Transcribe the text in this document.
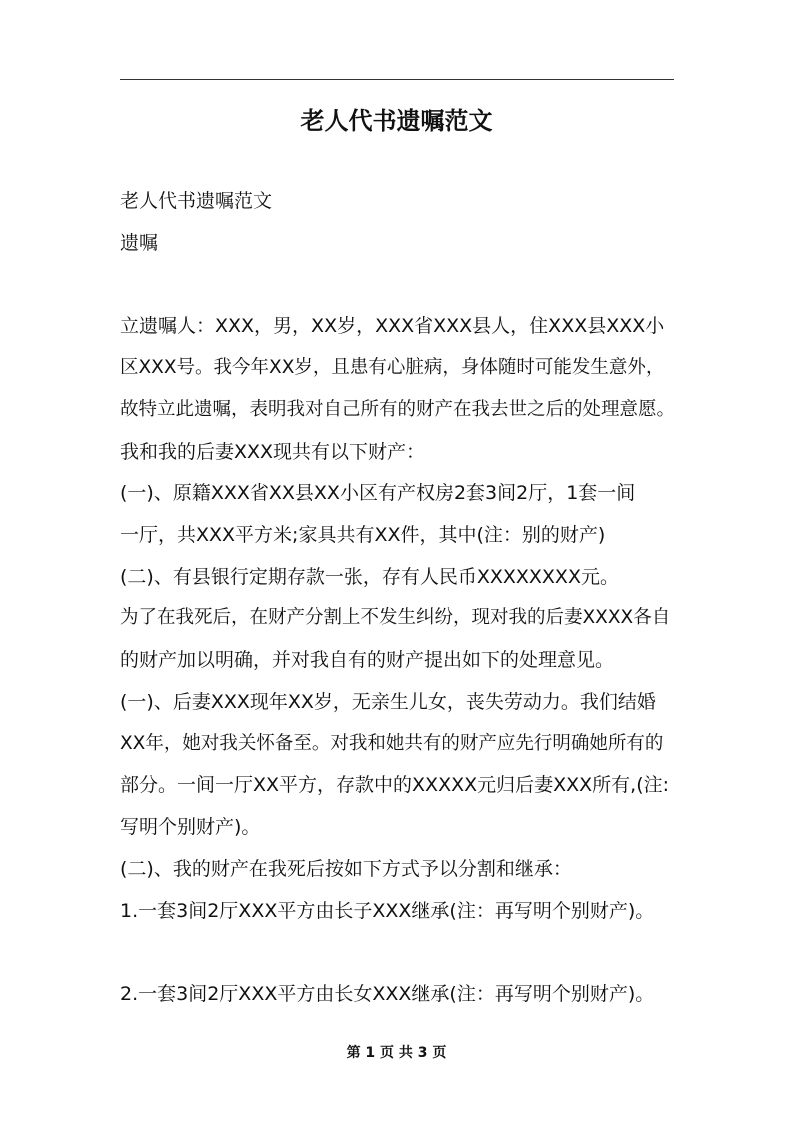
老人代书遗嘱范文
老人代书遗嘱范文
遗嘱
立遗嘱人：XXX，男，XX岁，XXX省XXX县人，住XXX县XXX小
区XXX号。我今年XX岁，且患有心脏病，身体随时可能发生意外，
故特立此遗嘱，表明我对自己所有的财产在我去世之后的处理意愿。
我和我的后妻XXX现共有以下财产：
(一)、原籍XXX省XX县XX小区有产权房2套3间2厅，1套一间
一厅，共XXX平方米;家具共有XX件，其中(注：别的财产)
(二)、有县银行定期存款一张，存有人民币XXXXXXXX元。
为了在我死后，在财产分割上不发生纠纷，现对我的后妻XXXX各自
的财产加以明确，并对我自有的财产提出如下的处理意见。
(一)、后妻XXX现年XX岁，无亲生儿女，丧失劳动力。我们结婚
XX年，她对我关怀备至。对我和她共有的财产应先行明确她所有的
部分。一间一厅XX平方，存款中的XXXXX元归后妻XXX所有,(注:
写明个别财产)。
(二)、我的财产在我死后按如下方式予以分割和继承：
1.一套3间2厅XXX平方由长子XXX继承(注：再写明个别财产)。
2.一套3间2厅XXX平方由长女XXX继承(注：再写明个别财产)。
第 1 页 共 3 页
